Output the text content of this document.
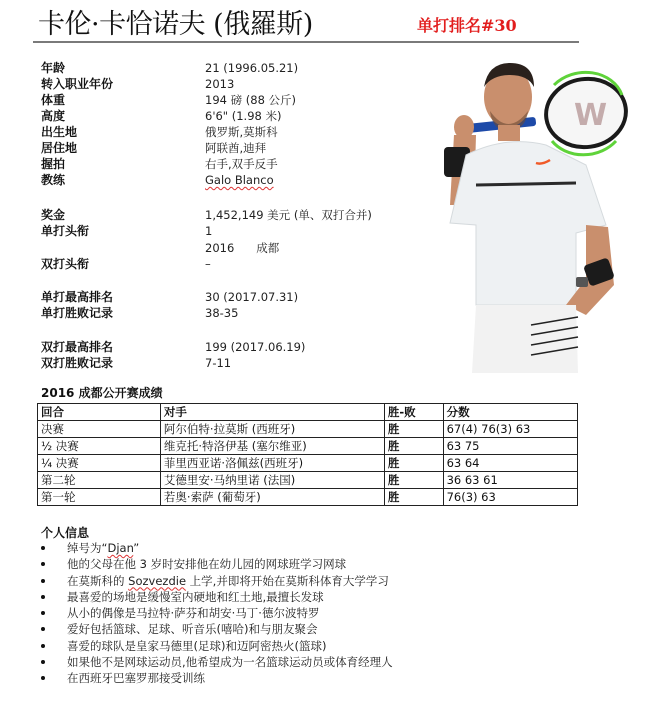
卡伦·卡恰诺夫 (俄羅斯)	单打排名#30
年龄	21 (1996.05.21)
转入职业年份	2013
体重	194 磅 (88 公斤)
高度	6'6" (1.98 米)
出生地	俄罗斯,莫斯科
居住地	阿联酋,迪拜
握拍	右手,双手反手
教练	Galo Blanco
奖金	1,452,149 美元 (单、双打合并)
单打头衔	1
2016      成都
双打头衔	–
单打最高排名	30 (2017.07.31)
单打胜败记录	38-35
双打最高排名	199 (2017.06.19)
双打胜败记录	7-11
W
2016 成都公开赛成绩
回合	对手	胜-败	分数
决赛	阿尔伯特·拉莫斯 (西班牙)	胜	67(4) 76(3) 63
½ 决赛	维克托·特洛伊基 (塞尔维亚)	胜	63 75
¼ 决赛	菲里西亚诺·洛佩兹(西班牙)	胜	63 64
第二轮	艾德里安·马纳里诺 (法国)	胜	36 63 61
第一轮	若奥·索萨 (葡萄牙)	胜	76(3) 63
个人信息
绰号为“Djan”
他的父母在他 3 岁时安排他在幼儿园的网球班学习网球
在莫斯科的 Sozvezdie 上学,并即将开始在莫斯科体育大学学习
最喜爱的场地是缓慢室内硬地和红土地,最擅长发球
从小的偶像是马拉特·萨芬和胡安·马丁·德尔波特罗
爱好包括篮球、足球、听音乐(嘻哈)和与朋友聚会
喜爱的球队是皇家马德里(足球)和迈阿密热火(篮球)
如果他不是网球运动员,他希望成为一名篮球运动员或体育经理人
在西班牙巴塞罗那接受训练
